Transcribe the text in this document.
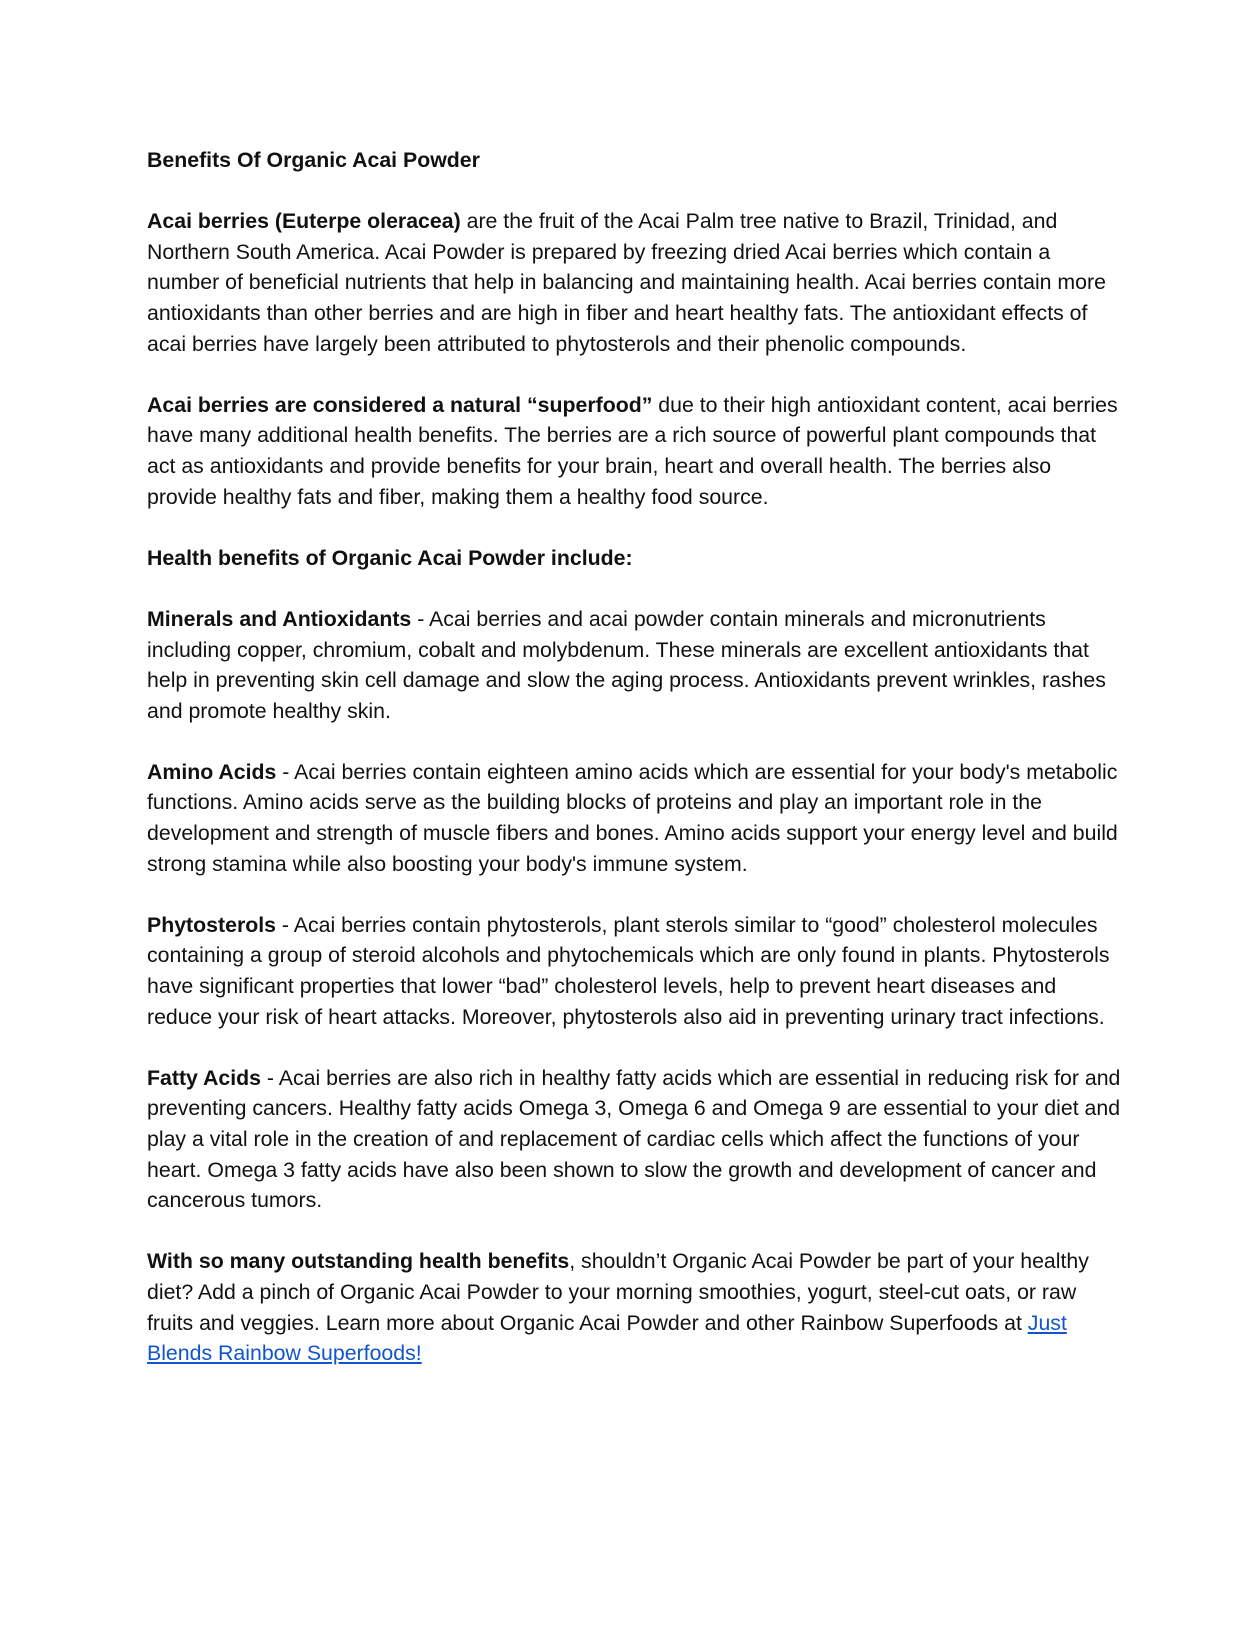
Benefits Of Organic Acai Powder

Acai berries (Euterpe oleracea) are the fruit of the Acai Palm tree native to Brazil, Trinidad, and Northern South America. Acai Powder is prepared by freezing dried Acai berries which contain a number of beneficial nutrients that help in balancing and maintaining health. Acai berries contain more antioxidants than other berries and are high in fiber and heart healthy fats. The antioxidant effects of acai berries have largely been attributed to phytosterols and their phenolic compounds.

Acai berries are considered a natural “superfood” due to their high antioxidant content, acai berries have many additional health benefits. The berries are a rich source of powerful plant compounds that act as antioxidants and provide benefits for your brain, heart and overall health. The berries also provide healthy fats and fiber, making them a healthy food source.

Health benefits of Organic Acai Powder include:

Minerals and Antioxidants - Acai berries and acai powder contain minerals and micronutrients including copper, chromium, cobalt and molybdenum. These minerals are excellent antioxidants that help in preventing skin cell damage and slow the aging process. Antioxidants prevent wrinkles, rashes and promote healthy skin.

Amino Acids - Acai berries contain eighteen amino acids which are essential for your body's metabolic functions. Amino acids serve as the building blocks of proteins and play an important role in the development and strength of muscle fibers and bones. Amino acids support your energy level and build strong stamina while also boosting your body's immune system.

Phytosterols - Acai berries contain phytosterols, plant sterols similar to “good” cholesterol molecules containing a group of steroid alcohols and phytochemicals which are only found in plants. Phytosterols have significant properties that lower “bad” cholesterol levels, help to prevent heart diseases and reduce your risk of heart attacks. Moreover, phytosterols also aid in preventing urinary tract infections.

Fatty Acids - Acai berries are also rich in healthy fatty acids which are essential in reducing risk for and preventing cancers. Healthy fatty acids Omega 3, Omega 6 and Omega 9 are essential to your diet and play a vital role in the creation of and replacement of cardiac cells which affect the functions of your heart. Omega 3 fatty acids have also been shown to slow the growth and development of cancer and cancerous tumors.

With so many outstanding health benefits, shouldn’t Organic Acai Powder be part of your healthy diet? Add a pinch of Organic Acai Powder to your morning smoothies, yogurt, steel-cut oats, or raw fruits and veggies. Learn more about Organic Acai Powder and other Rainbow Superfoods at Just Blends Rainbow Superfoods!
